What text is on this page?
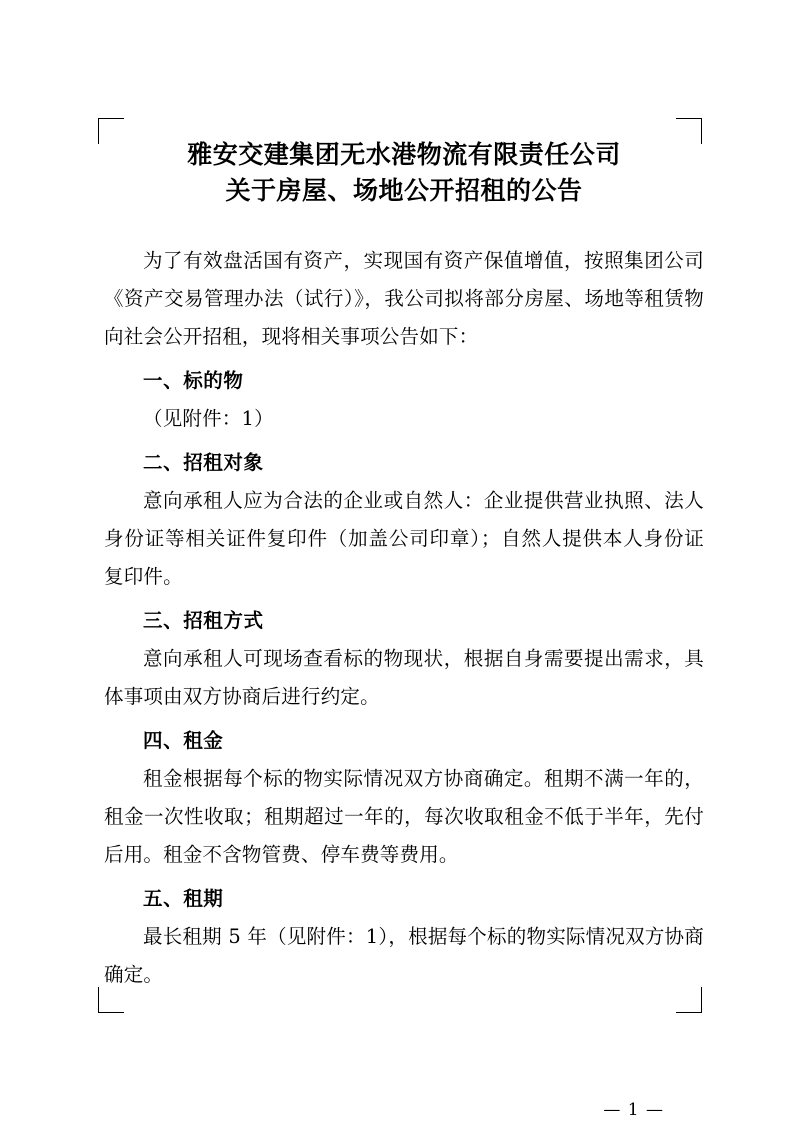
雅安交建集团无水港物流有限责任公司
关于房屋、场地公开招租的公告

为了有效盘活国有资产，实现国有资产保值增值，按照集团公司《资产交易管理办法（试行）》，我公司拟将部分房屋、场地等租赁物向社会公开招租，现将相关事项公告如下：

一、标的物

（见附件：1）

二、招租对象

意向承租人应为合法的企业或自然人：企业提供营业执照、法人身份证等相关证件复印件（加盖公司印章）；自然人提供本人身份证复印件。

三、招租方式

意向承租人可现场查看标的物现状，根据自身需要提出需求，具体事项由双方协商后进行约定。

四、租金

租金根据每个标的物实际情况双方协商确定。租期不满一年的，租金一次性收取；租期超过一年的，每次收取租金不低于半年，先付后用。租金不含物管费、停车费等费用。

五、租期

最长租期 5 年（见附件：1），根据每个标的物实际情况双方协商确定。

— 1 —
